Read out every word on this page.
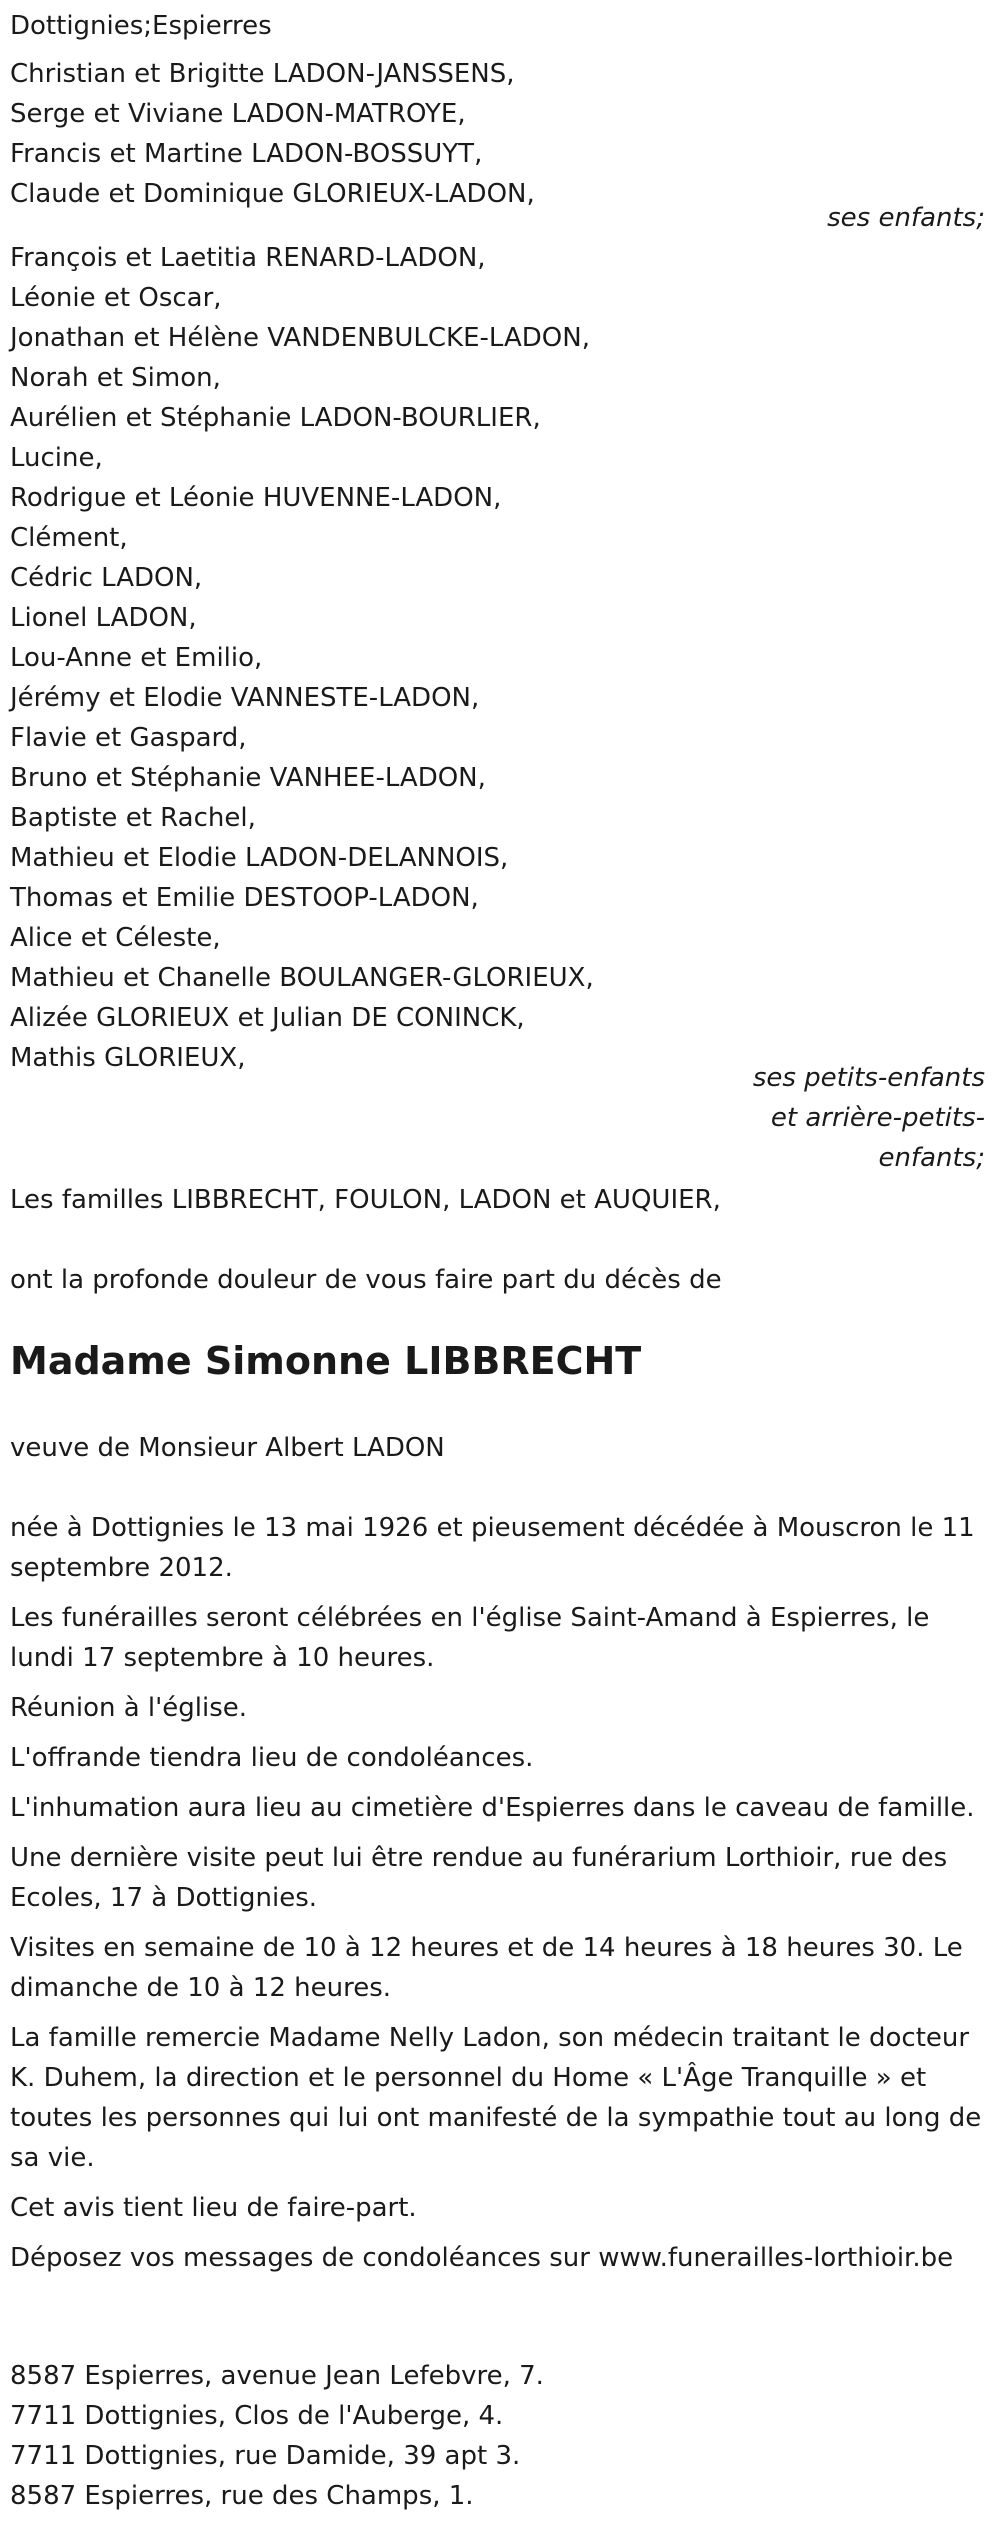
Dottignies;Espierres
Christian et Brigitte LADON-JANSSENS,
Serge et Viviane LADON-MATROYE,
Francis et Martine LADON-BOSSUYT,
Claude et Dominique GLORIEUX-LADON,
ses enfants;
François et Laetitia RENARD-LADON,
Léonie et Oscar,
Jonathan et Hélène VANDENBULCKE-LADON,
Norah et Simon,
Aurélien et Stéphanie LADON-BOURLIER,
Lucine,
Rodrigue et Léonie HUVENNE-LADON,
Clément,
Cédric LADON,
Lionel LADON,
Lou-Anne et Emilio,
Jérémy et Elodie VANNESTE-LADON,
Flavie et Gaspard,
Bruno et Stéphanie VANHEE-LADON,
Baptiste et Rachel,
Mathieu et Elodie LADON-DELANNOIS,
Thomas et Emilie DESTOOP-LADON,
Alice et Céleste,
Mathieu et Chanelle BOULANGER-GLORIEUX,
Alizée GLORIEUX et Julian DE CONINCK,
Mathis GLORIEUX,
ses petits-enfants
et arrière-petits-
enfants;
Les familles LIBBRECHT, FOULON, LADON et AUQUIER,
ont la profonde douleur de vous faire part du décès de
Madame Simonne LIBBRECHT
veuve de Monsieur Albert LADON
née à Dottignies le 13 mai 1926 et pieusement décédée à Mouscron le 11 septembre 2012.
Les funérailles seront célébrées en l'église Saint-Amand à Espierres, le lundi 17 septembre à 10 heures.
Réunion à l'église.
L'offrande tiendra lieu de condoléances.
L'inhumation aura lieu au cimetière d'Espierres dans le caveau de famille.
Une dernière visite peut lui être rendue au funérarium Lorthioir, rue des Ecoles, 17 à Dottignies.
Visites en semaine de 10 à 12 heures et de 14 heures à 18 heures 30. Le dimanche de 10 à 12 heures.
La famille remercie Madame Nelly Ladon, son médecin traitant le docteur K. Duhem, la direction et le personnel du Home « L'Âge Tranquille » et toutes les personnes qui lui ont manifesté de la sympathie tout au long de sa vie.
Cet avis tient lieu de faire-part.
Déposez vos messages de condoléances sur www.funerailles-lorthioir.be
8587 Espierres, avenue Jean Lefebvre, 7.
7711 Dottignies, Clos de l'Auberge, 4.
7711 Dottignies, rue Damide, 39 apt 3.
8587 Espierres, rue des Champs, 1.
